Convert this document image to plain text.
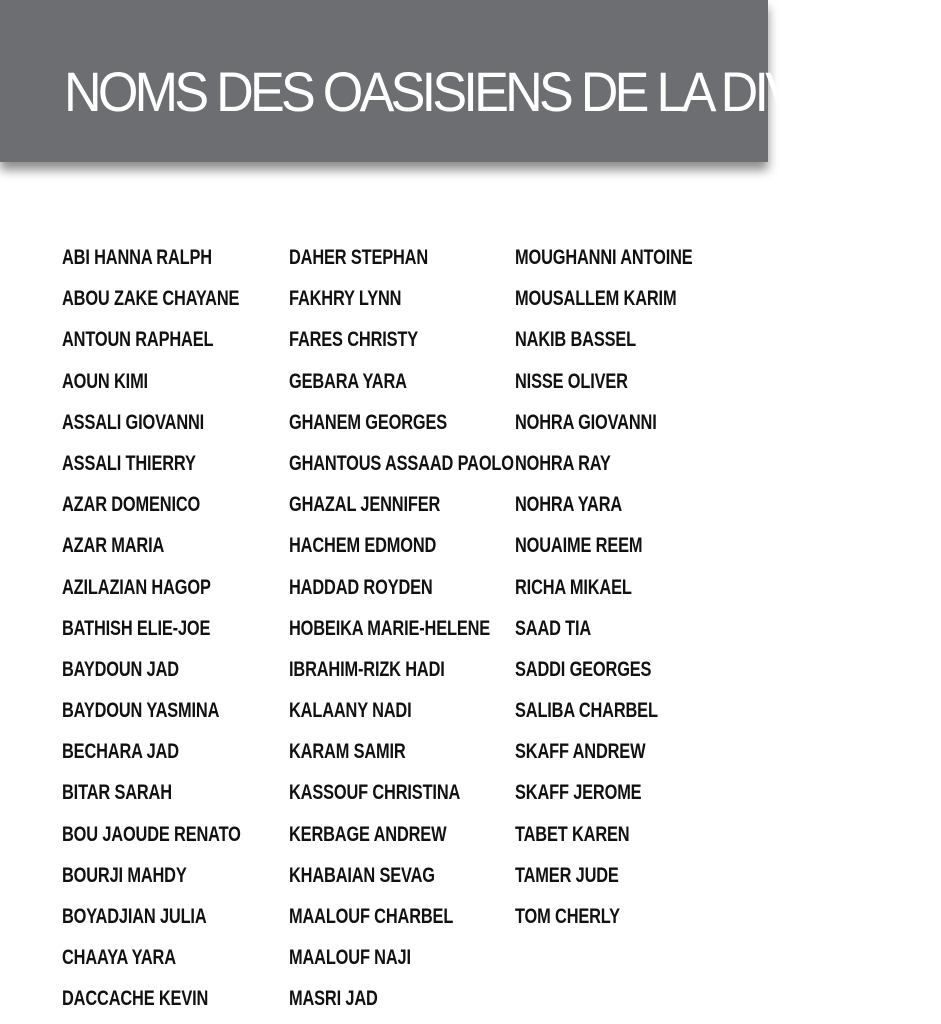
NOMS DES OASISIENS DE LA DIVISION I
ABI HANNA RALPH
ABOU ZAKE CHAYANE
ANTOUN RAPHAEL
AOUN KIMI
ASSALI GIOVANNI
ASSALI THIERRY
AZAR DOMENICO
AZAR MARIA
AZILAZIAN HAGOP
BATHISH ELIE-JOE
BAYDOUN JAD
BAYDOUN YASMINA
BECHARA JAD
BITAR SARAH
BOU JAOUDE RENATO
BOURJI MAHDY
BOYADJIAN JULIA
CHAAYA YARA
DACCACHE KEVIN
DAHER STEPHAN
FAKHRY LYNN
FARES CHRISTY
GEBARA YARA
GHANEM GEORGES
GHANTOUS ASSAAD PAOLO
GHAZAL JENNIFER
HACHEM EDMOND
HADDAD ROYDEN
HOBEIKA MARIE-HELENE
IBRAHIM-RIZK HADI
KALAANY NADI
KARAM SAMIR
KASSOUF CHRISTINA
KERBAGE ANDREW
KHABAIAN SEVAG
MAALOUF CHARBEL
MAALOUF NAJI
MASRI JAD
MOUGHANNI ANTOINE
MOUSALLEM KARIM
NAKIB BASSEL
NISSE OLIVER
NOHRA GIOVANNI
NOHRA RAY
NOHRA YARA
NOUAIME REEM
RICHA MIKAEL
SAAD TIA
SADDI GEORGES
SALIBA CHARBEL
SKAFF ANDREW
SKAFF JEROME
TABET KAREN
TAMER JUDE
TOM CHERLY
